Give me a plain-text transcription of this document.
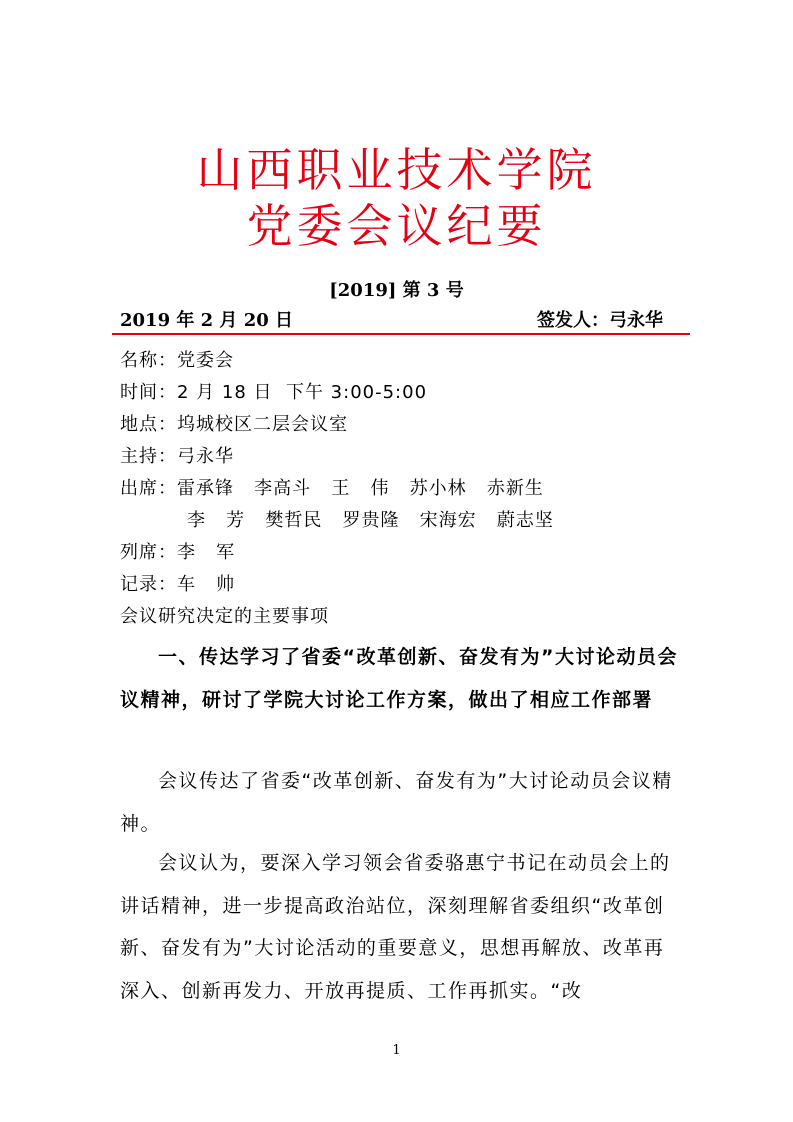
山西职业技术学院
党委会议纪要
[2019] 第 3 号
2019 年 2 月 20 日	签发人：弓永华
名称：党委会
时间：2 月 18 日  下午 3:00-5:00
地点：坞城校区二层会议室
主持：弓永华
出席：雷承锋   李高斗   王   伟   苏小林   赤新生
李   芳   樊哲民   罗贵隆   宋海宏   蔚志坚
列席：李   军
记录：车   帅
会议研究决定的主要事项
一、传达学习了省委“改革创新、奋发有为”大讨论动员会议精神，研讨了学院大讨论工作方案，做出了相应工作部署
会议传达了省委“改革创新、奋发有为”大讨论动员会议精神。
会议认为，要深入学习领会省委骆惠宁书记在动员会上的讲话精神，进一步提高政治站位，深刻理解省委组织“改革创新、奋发有为”大讨论活动的重要意义，思想再解放、改革再深入、创新再发力、开放再提质、工作再抓实。“改
1
